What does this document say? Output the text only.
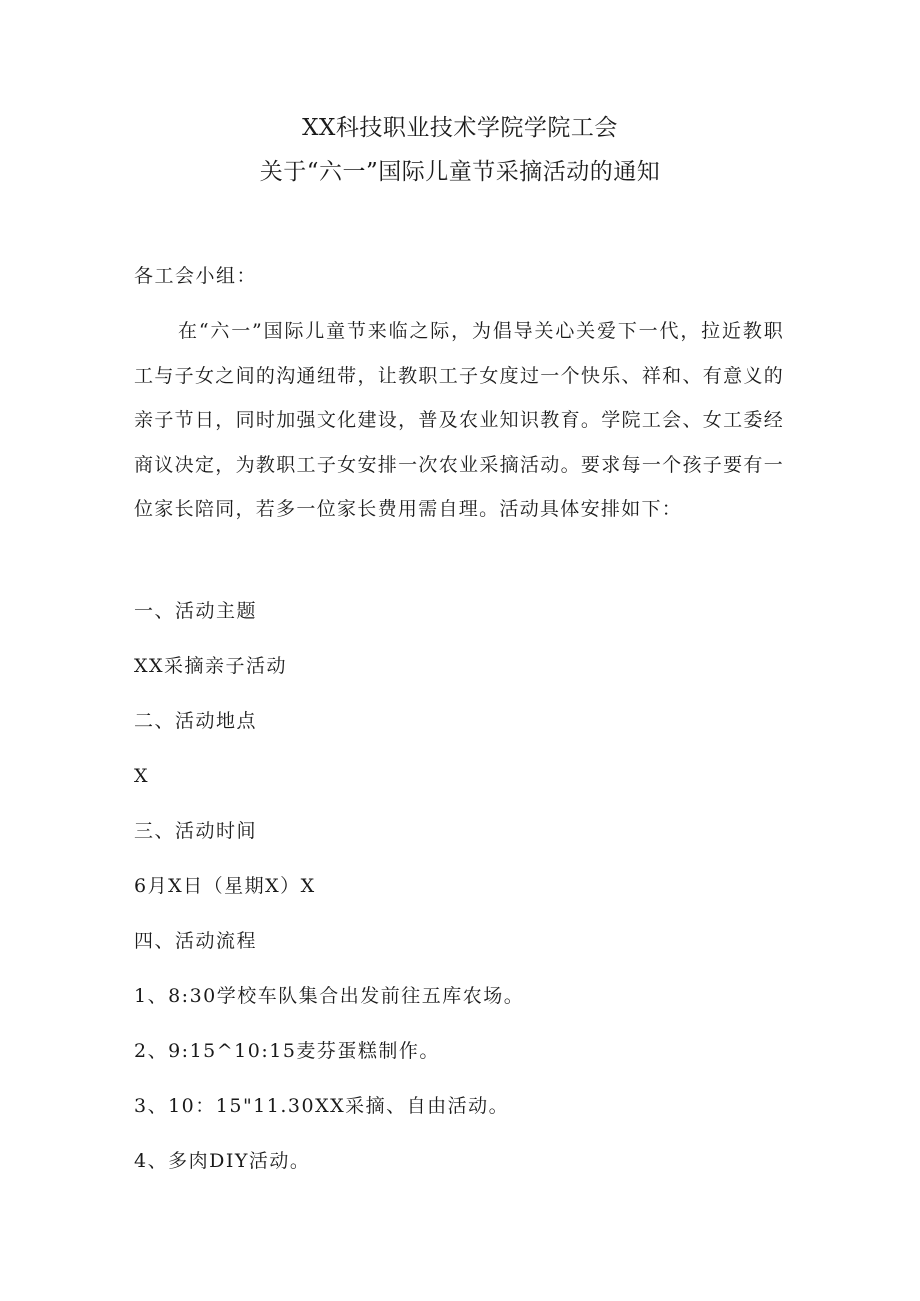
XX科技职业技术学院学院工会
关于“六一”国际儿童节采摘活动的通知
各工会小组：
在“六一”国际儿童节来临之际，为倡导关心关爱下一代，拉近教职工与子女之间的沟通纽带，让教职工子女度过一个快乐、祥和、有意义的亲子节日，同时加强文化建设，普及农业知识教育。学院工会、女工委经商议决定，为教职工子女安排一次农业采摘活动。要求每一个孩子要有一位家长陪同，若多一位家长费用需自理。活动具体安排如下：
一、活动主题
XX采摘亲子活动
二、活动地点
X
三、活动时间
6月X日（星期X）X
四、活动流程
1、8:30学校车队集合出发前往五库农场。
2、9:15^10:15麦芬蛋糕制作。
3、10：15"11.30XX采摘、自由活动。
4、多肉DIY活动。
